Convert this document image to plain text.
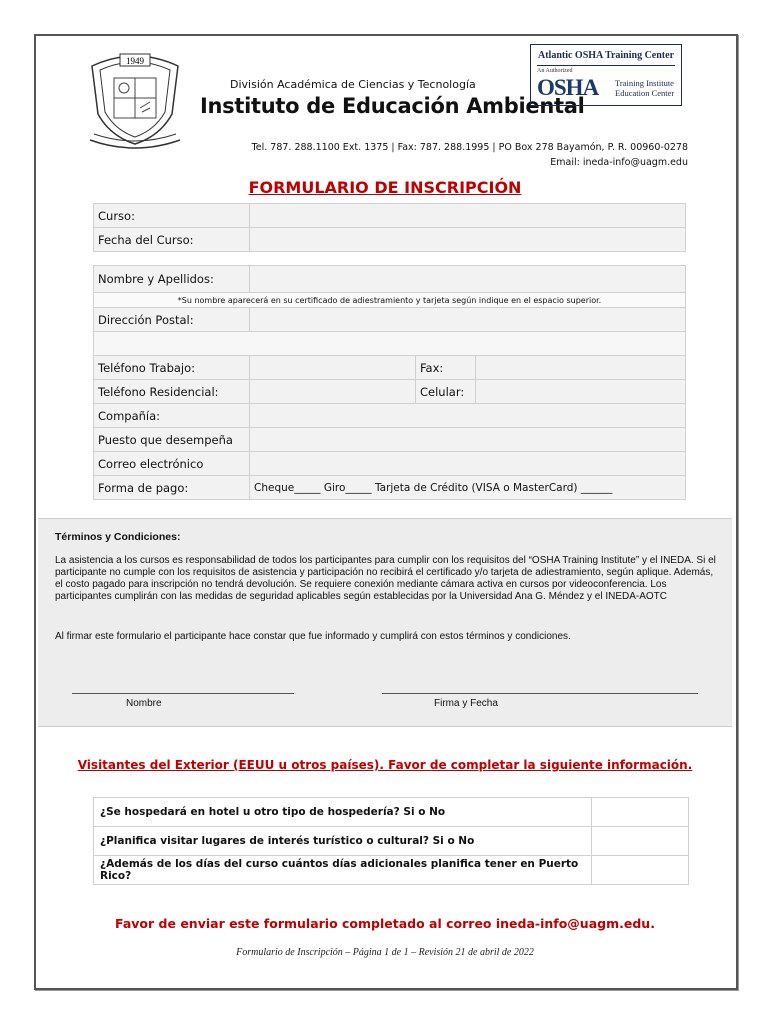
1949
División Académica de Ciencias y Tecnología
Instituto de Educación Ambiental
Atlantic OSHA Training Center
An Authorized
OSHA Training Institute
Education Center
Tel. 787. 288.1100 Ext. 1375 | Fax: 787. 288.1995 | PO Box 278 Bayamón, P. R. 00960-0278
Email: ineda-info@uagm.edu
FORMULARIO DE INSCRIPCIÓN
Curso:	
Fecha del Curso:	
Nombre y Apellidos:			
*Su nombre aparecerá en su certificado de adiestramiento y tarjeta según indique en el espacio superior.			
Dirección Postal:			

Teléfono Trabajo:		Fax:	
Teléfono Residencial:		Celular:	
Compañía:			
Puesto que desempeña			
Correo electrónico			
Forma de pago:	Cheque_____ Giro_____ Tarjeta de Crédito (VISA o MasterCard) ______		
Términos y Condiciones:
La asistencia a los cursos es responsabilidad de todos los participantes para cumplir con los requisitos del “OSHA Training Institute” y el INEDA. Si el participante no cumple con los requisitos de asistencia y participación no recibirá el certificado y/o tarjeta de adiestramiento, según aplique. Además, el costo pagado para inscripción no tendrá devolución. Se requiere conexión mediante cámara activa en cursos por videoconferencia. Los participantes cumplirán con las medidas de seguridad aplicables según establecidas por la Universidad Ana G. Méndez y el INEDA-AOTC
Al firmar este formulario el participante hace constar que fue informado y cumplirá con estos términos y condiciones.
Nombre	Firma y Fecha
Visitantes del Exterior (EEUU u otros países). Favor de completar la siguiente información.
¿Se hospedará en hotel u otro tipo de hospedería? Si o No	
¿Planifica visitar lugares de interés turístico o cultural? Si o No	
¿Además de los días del curso cuántos días adicionales planifica tener en Puerto Rico?	
Favor de enviar este formulario completado al correo ineda-info@uagm.edu.
Formulario de Inscripción – Página 1 de 1 – Revisión 21 de abril de 2022
